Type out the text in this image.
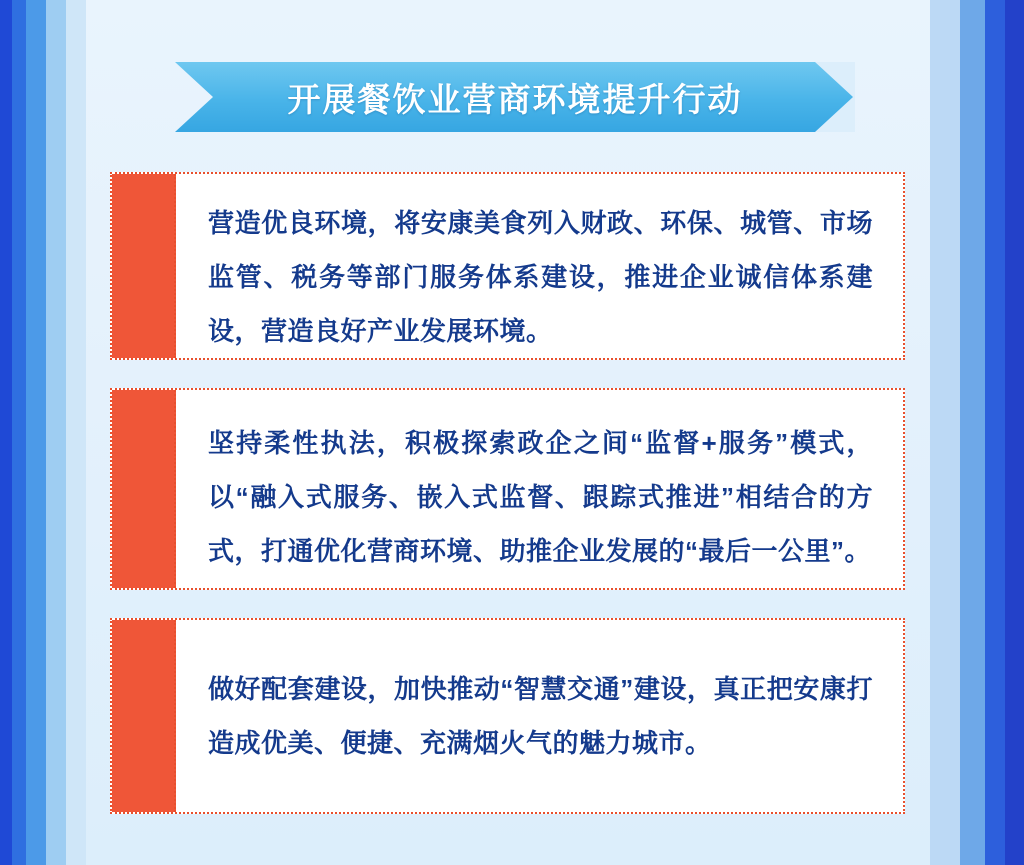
开展餐饮业营商环境提升行动
营造优良环境，将安康美食列入财政、环保、城管、市场监管、税务等部门服务体系建设，推进企业诚信体系建设，营造良好产业发展环境。
坚持柔性执法，积极探索政企之间“监督+服务”模式，以“融入式服务、嵌入式监督、跟踪式推进”相结合的方式，打通优化营商环境、助推企业发展的“最后一公里”。
做好配套建设，加快推动“智慧交通”建设，真正把安康打造成优美、便捷、充满烟火气的魅力城市。
